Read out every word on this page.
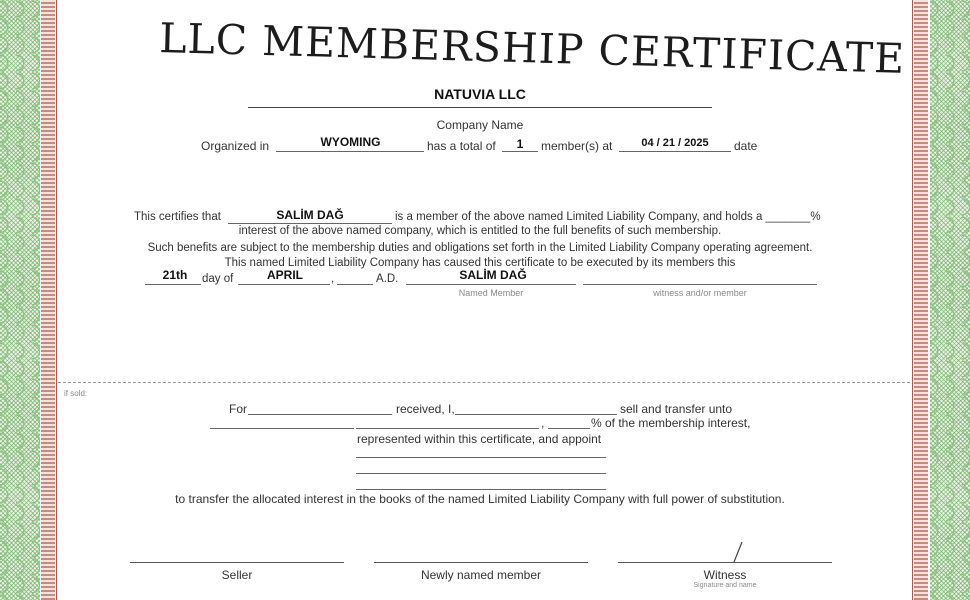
LLC MEMBERSHIP CERTIFICATE
NATUVIA LLC
Company Name
Organized in	WYOMING	has a total of	1	member(s) at	04 / 21 / 2025	date
This certifies that	SALİM DAĞ	is a member of the above named Limited Liability Company, and holds a _______%
interest of the above named company, which is entitled to the full benefits of such membership.
Such benefits are subject to the membership duties and obligations set forth in the Limited Liability Company operating agreement.
This named Limited Liability Company has caused this certificate to be executed by its members this
21th	day of	APRIL	,	A.D.	SALİM DAĞ
Named Member	witness and/or member
if sold:
For	received, I,	sell and transfer unto
,	% of the membership interest,
represented within this certificate, and appoint
to transfer the allocated interest in the books of the named Limited Liability Company with full power of substitution.
Seller	Newly named member	Witness
Signature and name
